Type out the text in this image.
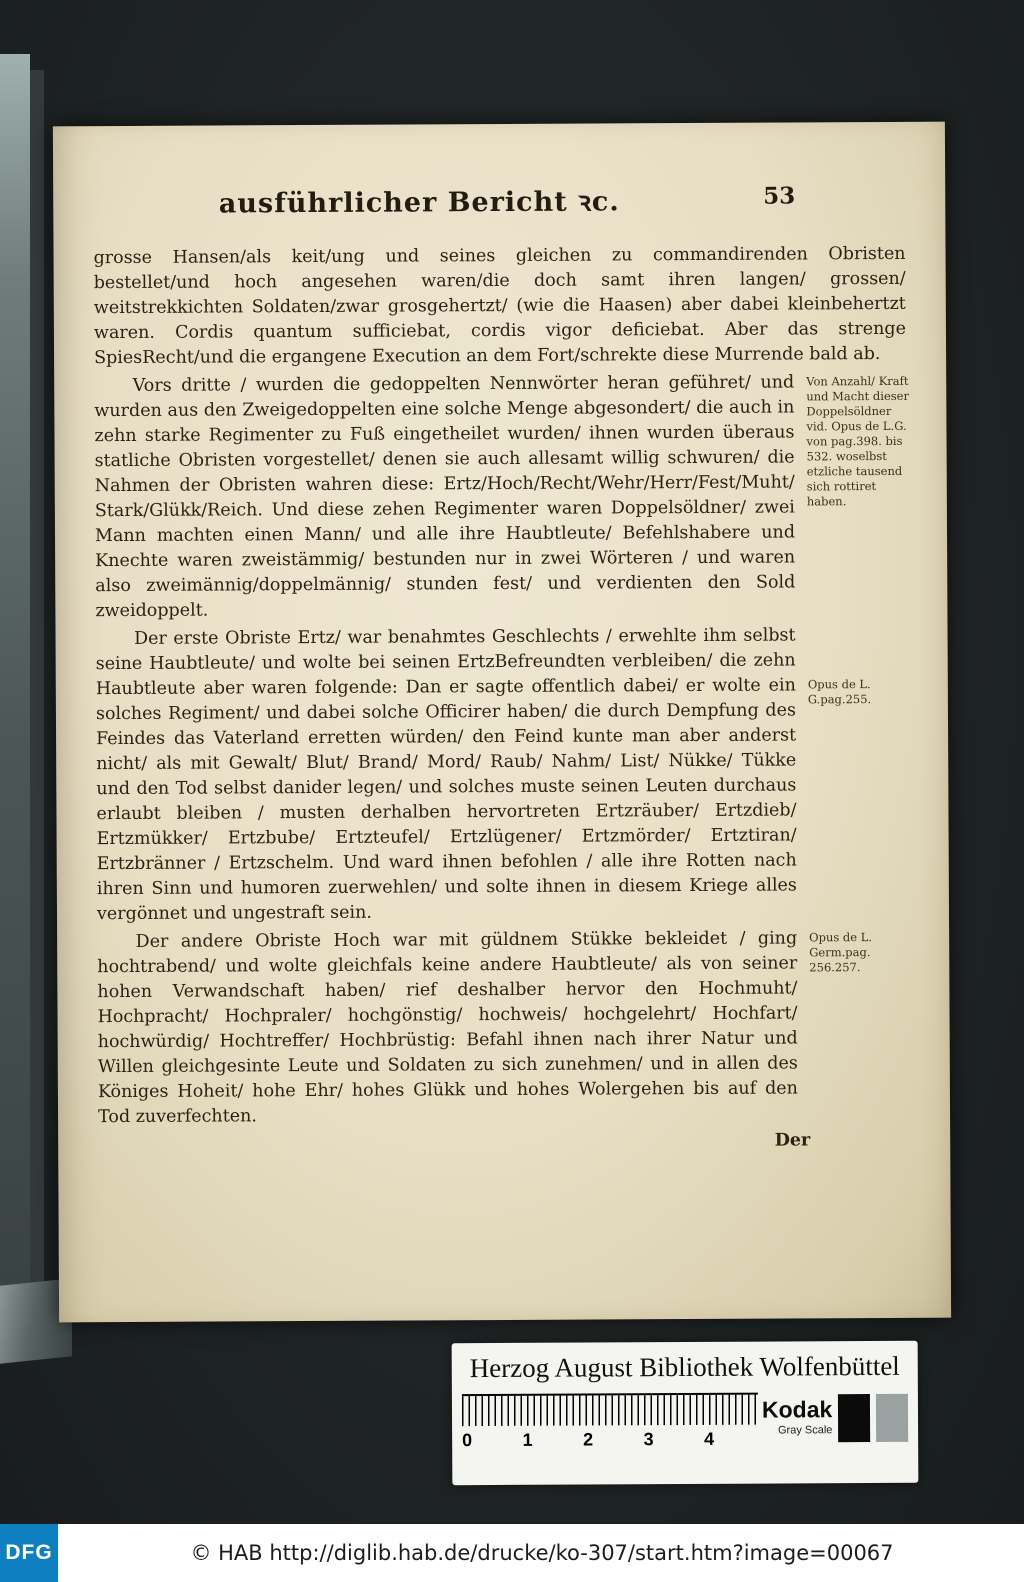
ausführlicher Bericht ꝛc.	53

grosse Hansen/als keit/ung und seines gleichen zu commandirenden Obristen bestellet/und hoch angesehen waren/die doch samt ihren langen/ grossen/ weitstrekkichten Soldaten/zwar grosgehertzt/ (wie die Haasen) aber dabei kleinbehertzt waren. Cordis quantum sufficiebat, cordis vigor deficiebat. Aber das strenge SpiesRecht/und die ergangene Execution an dem Fort/schrekte diese Murrende bald ab.

Vors dritte / wurden die gedoppelten Nennwörter heran geführet/ und wurden aus den Zweigedoppelten eine solche Menge abgesondert/ die auch in zehn starke Regimenter zu Fuß eingetheilet wurden/ ihnen wurden überaus statliche Obristen vorgestellet/ denen sie auch allesamt willig schwuren/ die Nahmen der Obristen wahren diese: Ertz/Hoch/Recht/Wehr/Herr/Fest/Muht/ Stark/Glükk/Reich. Und diese zehen Regimenter waren Doppelsöldner/ zwei Mann machten einen Mann/ und alle ihre Haubtleute/ Befehlshabere und Knechte waren zweistämmig/ bestunden nur in zwei Wörteren / und waren also zweimännig/doppelmännig/ stunden fest/ und verdienten den Sold zweidoppelt.

Von Anzahl/ Kraft und Macht dieser Doppelsöldner vid. Opus de L.G. von pag.398. bis 532. woselbst etzliche tausend sich rottiret haben.

Der erste Obriste Ertz/ war benahmtes Geschlechts / erwehlte ihm selbst seine Haubtleute/ und wolte bei seinen ErtzBefreundten verbleiben/ die zehn Haubtleute aber waren folgende: Dan er sagte offentlich dabei/ er wolte ein solches Regiment/ und dabei solche Officirer haben/ die durch Dempfung des Feindes das Vaterland erretten würden/ den Feind kunte man aber anderst nicht/ als mit Gewalt/ Blut/ Brand/ Mord/ Raub/ Nahm/ List/ Nükke/ Tükke und den Tod selbst danider legen/ und solches muste seinen Leuten durchaus erlaubt bleiben / musten derhalben hervortreten Ertzräuber/ Ertzdieb/ Ertzmükker/ Ertzbube/ Ertzteufel/ Ertzlügener/ Ertzmörder/ Ertztiran/ Ertzbränner / Ertzschelm. Und ward ihnen befohlen / alle ihre Rotten nach ihren Sinn und humoren zuerwehlen/ und solte ihnen in diesem Kriege alles vergönnet und ungestraft sein.

Opus de L. G.pag.255.

Der andere Obriste Hoch war mit güldnem Stükke bekleidet / ging hochtrabend/ und wolte gleichfals keine andere Haubtleute/ als von seiner hohen Verwandschaft haben/ rief deshalber hervor den Hochmuht/ Hochpracht/ Hochpraler/ hochgönstig/ hochweis/ hochgelehrt/ Hochfart/ hochwürdig/ Hochtreffer/ Hochbrüstig: Befahl ihnen nach ihrer Natur und Willen gleichgesinte Leute und Soldaten zu sich zunehmen/ und in allen des Königes Hoheit/ hohe Ehr/ hohes Glükk und hohes Wolergehen bis auf den Tod zuverfechten.

Opus de L. Germ.pag. 256.257.
Der
Herzog August Bibliothek Wolfenbüttel
0	1	2	3	4
Kodak
Gray Scale
DFG	© HAB http://diglib.hab.de/drucke/ko-307/start.htm?image=00067
